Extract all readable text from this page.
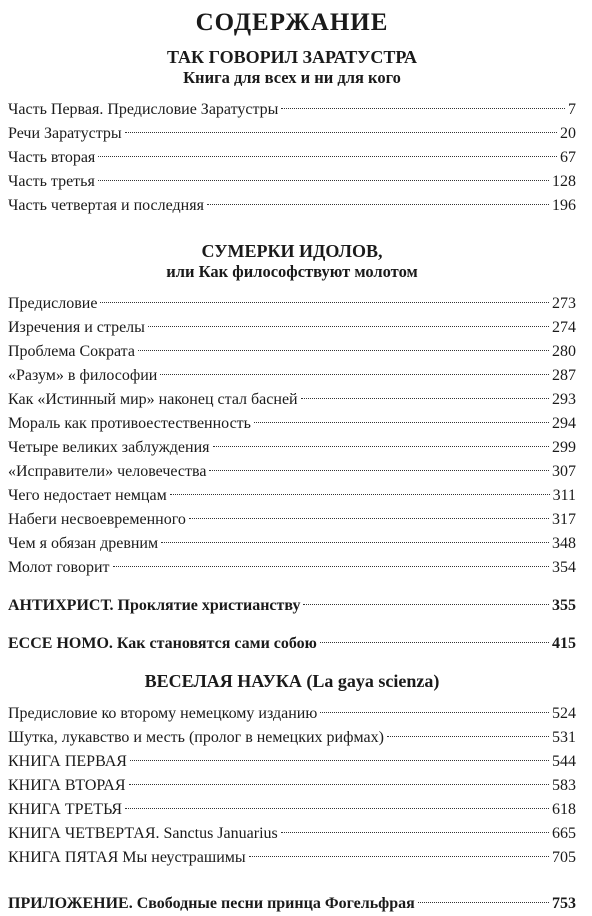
СОДЕРЖАНИЕ
ТАК ГОВОРИЛ ЗАРАТУСТРА
Книга для всех и ни для кого
Часть Первая. Предисловие Заратустры	7
Речи Заратустры	20
Часть вторая	67
Часть третья	128
Часть четвертая и последняя	196
СУМЕРКИ ИДОЛОВ,
или Как философствуют молотом
Предисловие	273
Изречения и стрелы	274
Проблема Сократа	280
«Разум» в философии	287
Как «Истинный мир» наконец стал басней	293
Мораль как противоестественность	294
Четыре великих заблуждения	299
«Исправители» человечества	307
Чего недостает немцам	311
Набеги несвоевременного	317
Чем я обязан древним	348
Молот говорит	354
АНТИХРИСТ. Проклятие христианству	355
ECCE HOMO. Как становятся сами собою	415
ВЕСЕЛАЯ НАУКА (La gaya scienza)
Предисловие ко второму немецкому изданию	524
Шутка, лукавство и месть (пролог в немецких рифмах)	531
КНИГА ПЕРВАЯ	544
КНИГА ВТОРАЯ	583
КНИГА ТРЕТЬЯ	618
КНИГА ЧЕТВЕРТАЯ. Sanctus Januarius	665
КНИГА ПЯТАЯ Мы неустрашимы	705
ПРИЛОЖЕНИЕ. Свободные песни принца Фогельфрая	753
